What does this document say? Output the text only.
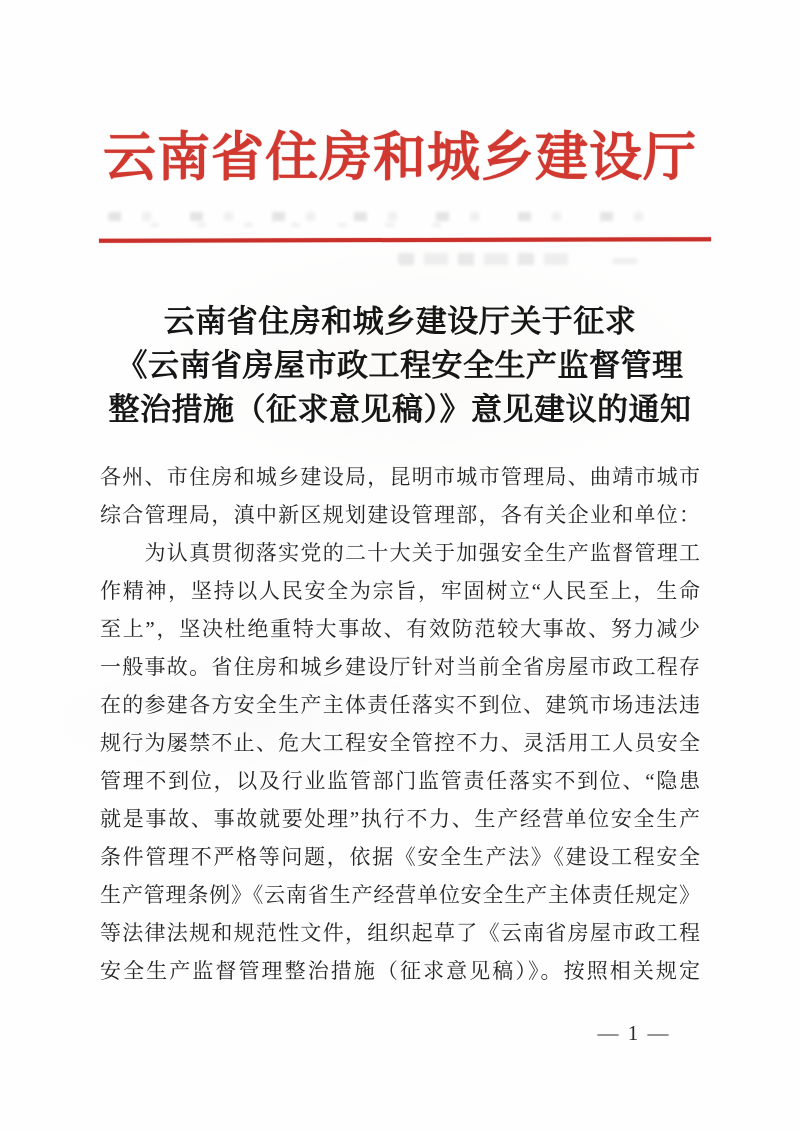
云南省住房和城乡建设厅
云南省住房和城乡建设厅关于征求
《云南省房屋市政工程安全生产监督管理
整治措施（征求意见稿）》意见建议的通知
各州、市住房和城乡建设局，昆明市城市管理局、曲靖市城市
综合管理局，滇中新区规划建设管理部，各有关企业和单位：
　　为认真贯彻落实党的二十大关于加强安全生产监督管理工
作精神，坚持以人民安全为宗旨，牢固树立“人民至上，生命
至上”，坚决杜绝重特大事故、有效防范较大事故、努力减少
一般事故。省住房和城乡建设厅针对当前全省房屋市政工程存
在的参建各方安全生产主体责任落实不到位、建筑市场违法违
规行为屡禁不止、危大工程安全管控不力、灵活用工人员安全
管理不到位，以及行业监管部门监管责任落实不到位、“隐患
就是事故、事故就要处理”执行不力、生产经营单位安全生产
条件管理不严格等问题，依据《安全生产法》《建设工程安全
生产管理条例》《云南省生产经营单位安全生产主体责任规定》
等法律法规和规范性文件，组织起草了《云南省房屋市政工程
安全生产监督管理整治措施（征求意见稿）》。按照相关规定
— 1 —
